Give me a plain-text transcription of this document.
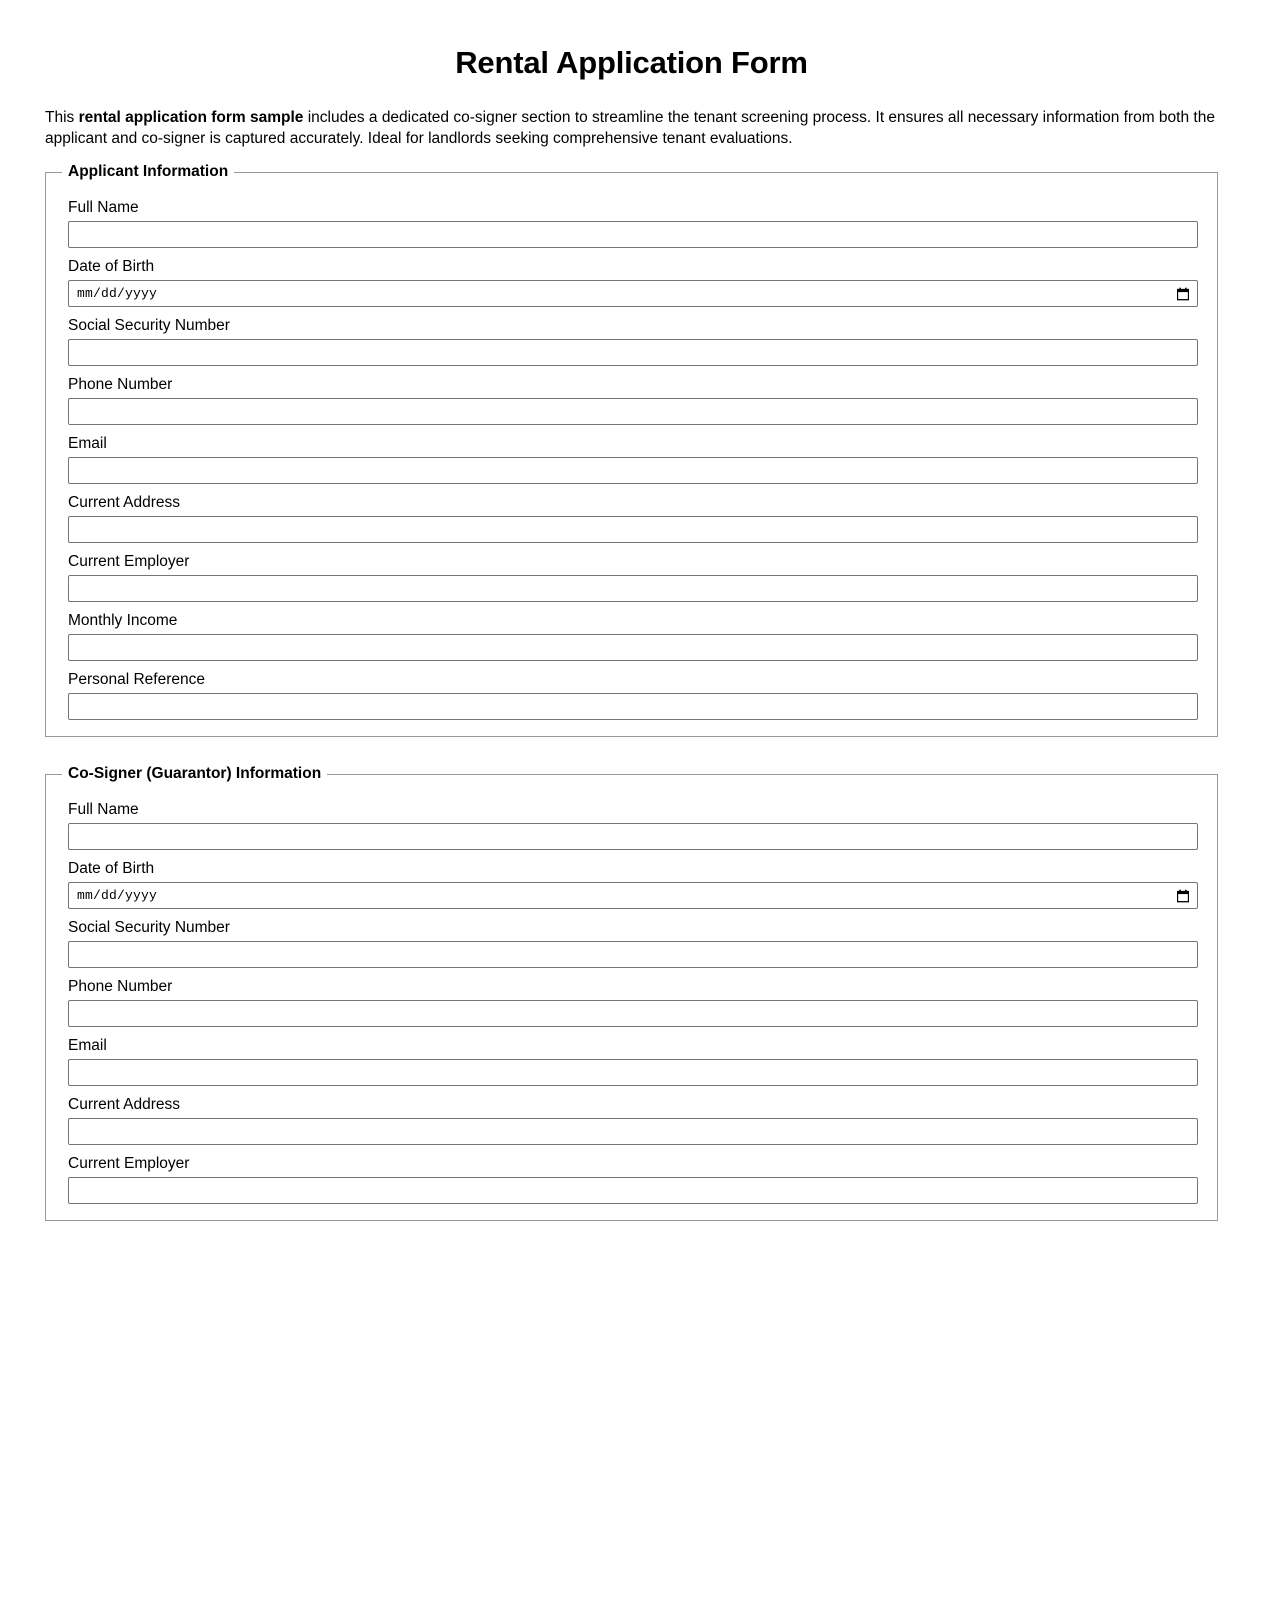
Rental Application Form

This rental application form sample includes a dedicated co-signer section to streamline the tenant screening process. It ensures all necessary information from both the applicant and co-signer is captured accurately. Ideal for landlords seeking comprehensive tenant evaluations.

Applicant Information
Full Name
Date of Birth
mm/dd/yyyy
Social Security Number
Phone Number
Email
Current Address
Current Employer
Monthly Income
Personal Reference
Co-Signer (Guarantor) Information
Full Name
Date of Birth
mm/dd/yyyy
Social Security Number
Phone Number
Email
Current Address
Current Employer
